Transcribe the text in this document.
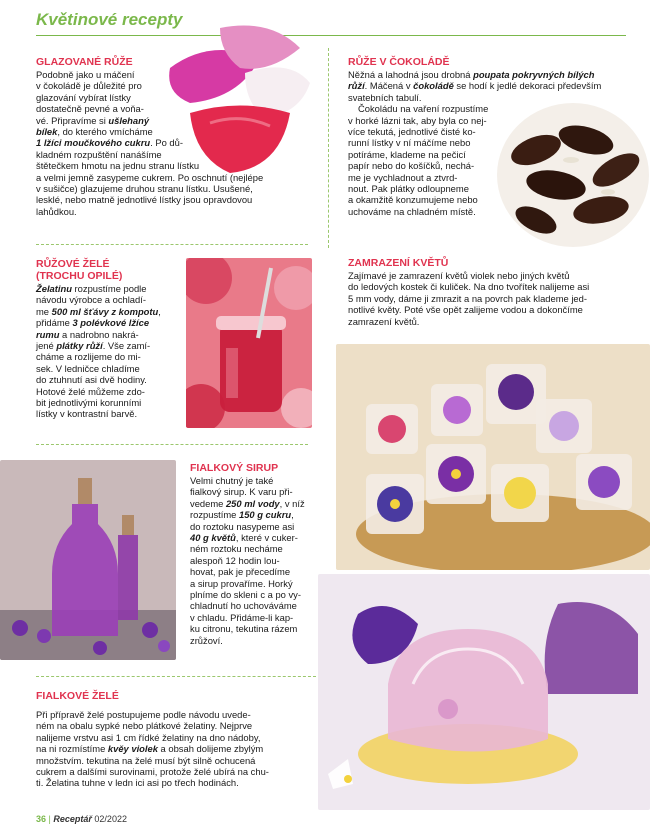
Květinové recepty
GLAZOVANÉ RŮŽE
Podobně jako u máčení
v čokoládě je důležité pro
glazování vybírat lístky
dostatečně pevné a voňa-
vé. Připravíme si ušlehaný
bílek, do kterého vmícháme
1 lžíci moučkového cukru. Po dů-
kladném rozpuštění nanášíme
štětečkem hmotu na jednu stranu lístku
a velmi jemně zasypeme cukrem. Po oschnutí (nejlépe
v sušičce) glazujeme druhou stranu lístku. Usušené,
lesklé, nebo matně jednotlivé lístky jsou opravdovou
lahůdkou.
RŮŽOVÉ ŽELÉ
(TROCHU OPILÉ)
Želatinu rozpustíme podle
návodu výrobce a ochladí-
me 500 ml šťávy z kompotu,
přidáme 3 polévkové lžíce
rumu a nadrobno nakrá-
jené plátky růží. Vše zamí-
cháme a rozlijeme do mi-
sek. V ledničce chladíme
do ztuhnutí asi dvě hodiny.
Hotové želé můžeme zdo-
bit jednotlivými korunními
lístky v kontrastní barvě.
FIALKOVÝ SIRUP
Velmi chutný je také
fialkový sirup. K varu při-
vedeme 250 ml vody, v níž
rozpustíme 150 g cukru,
do roztoku nasypeme asi
40 g květů, které v cuker-
ném roztoku necháme
alespoň 12 hodin lou-
hovat, pak je přecedíme
a sirup provaříme. Horký
plníme do skleni c a po vy-
chladnutí ho uchováváme
v chladu. Přidáme-li kap-
ku citronu, tekutina rázem
zrůžoví.
FIALKOVÉ ŽELÉ
Při přípravě želé postupujeme podle návodu uvede-
ném na obalu sypké nebo plátkové želatiny. Nejprve
nalijeme vrstvu asi 1 cm řídké želatiny na dno nádoby,
na ni rozmístíme kvěy violek a obsah dolijeme zbylým
množstvím. tekutina na želé musí být silně ochucená
cukrem a dalšími surovinami, protože želé ubírá na chu-
ti. Želatina tuhne v ledn ici asi po třech hodinách.
RŮŽE V ČOKOLÁDĚ
Něžná a lahodná jsou drobná poupata pokryvných bílých
růží. Máčená v čokoládě se hodí k jedlé dekoraci především
svatebních tabulí.
Čokoládu na vaření rozpustíme
v horké lázni tak, aby byla co nej-
více tekutá, jednotlivé čisté ko-
runní lístky v ní máčíme nebo
potíráme, klademe na pečicí
papír nebo do košíčků, nechá-
me je vychladnout a ztvrd-
nout. Pak plátky odloupneme
a okamžitě konzumujeme nebo
uchováme na chladném místě.
ZAMRAZENÍ KVĚTŮ
Zajímavé je zamrazení květů violek nebo jiných květů
do ledových kostek či kuliček. Na dno tvořítek nalijeme asi
5 mm vody, dáme ji zmrazit a na povrch pak klademe jed-
notlivé květy. Poté vše opět zalijeme vodou a dokončíme
zamrazení květů.
36 | Receptář 02/2022
